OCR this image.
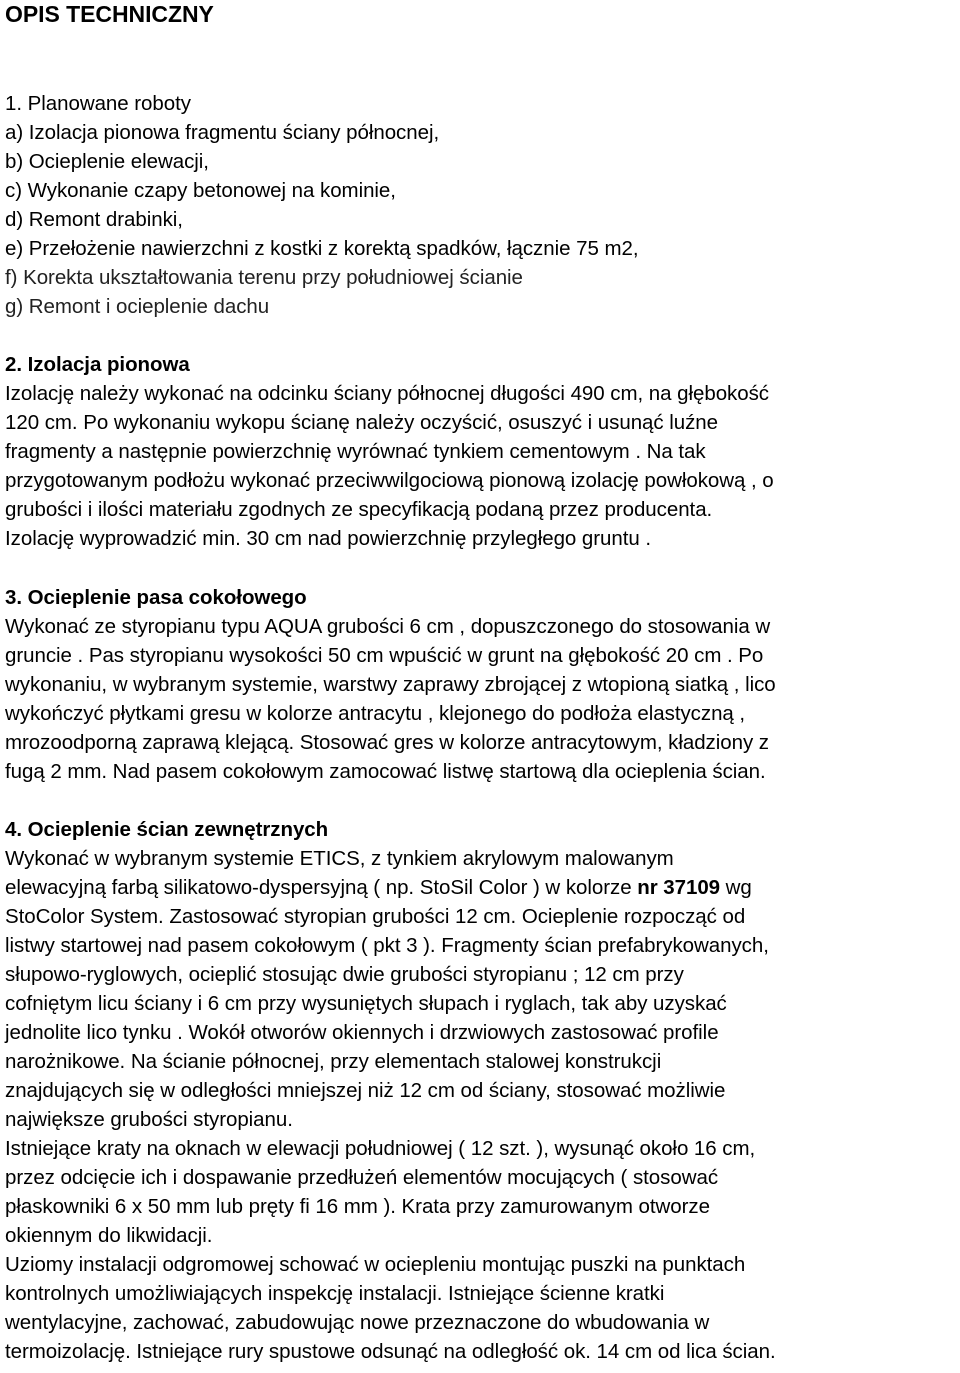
OPIS TECHNICZNY
1. Planowane roboty
a) Izolacja pionowa fragmentu ściany północnej,
b) Ocieplenie elewacji,
c) Wykonanie czapy betonowej na kominie,
d) Remont drabinki,
e) Przełożenie nawierzchni z kostki z korektą spadków, łącznie 75 m2,
f) Korekta ukształtowania terenu przy południowej ścianie
g) Remont i ocieplenie dachu
2. Izolacja pionowa
Izolację należy wykonać na odcinku ściany północnej długości 490 cm, na głębokość
120 cm. Po wykonaniu wykopu ścianę należy oczyścić, osuszyć i usunąć luźne
fragmenty a następnie powierzchnię wyrównać tynkiem cementowym . Na tak
przygotowanym podłożu wykonać przeciwwilgociową pionową izolację powłokową , o
grubości i ilości materiału zgodnych ze specyfikacją podaną przez producenta.
Izolację wyprowadzić min. 30 cm nad powierzchnię przyległego gruntu .
3. Ocieplenie pasa cokołowego
Wykonać ze styropianu typu AQUA grubości 6 cm , dopuszczonego do stosowania w
gruncie . Pas styropianu wysokości 50 cm wpuścić w grunt na głębokość 20 cm . Po
wykonaniu, w wybranym systemie, warstwy zaprawy zbrojącej z wtopioną siatką , lico
wykończyć płytkami gresu w kolorze antracytu , klejonego do podłoża elastyczną ,
mrozoodporną zaprawą klejącą. Stosować gres w kolorze antracytowym, kładziony z
fugą 2 mm. Nad pasem cokołowym zamocować listwę startową dla ocieplenia ścian.
4. Ocieplenie ścian zewnętrznych
Wykonać w wybranym systemie ETICS, z tynkiem akrylowym malowanym
elewacyjną farbą silikatowo-dyspersyjną ( np. StoSil Color ) w kolorze nr 37109 wg
StoColor System. Zastosować styropian grubości 12 cm. Ocieplenie rozpocząć od
listwy startowej nad pasem cokołowym ( pkt 3 ). Fragmenty ścian prefabrykowanych,
słupowo-ryglowych, ocieplić stosując dwie grubości styropianu ; 12 cm przy
cofniętym licu ściany i 6 cm przy wysuniętych słupach i ryglach, tak aby uzyskać
jednolite lico tynku . Wokół otworów okiennych i drzwiowych zastosować profile
narożnikowe. Na ścianie północnej, przy elementach stalowej konstrukcji
znajdujących się w odległości mniejszej niż 12 cm od ściany, stosować możliwie
największe grubości styropianu.
Istniejące kraty na oknach w elewacji południowej ( 12 szt. ), wysunąć około 16 cm,
przez odcięcie ich i dospawanie przedłużeń elementów mocujących ( stosować
płaskowniki 6 x 50 mm lub pręty fi 16 mm ). Krata przy zamurowanym otworze
okiennym do likwidacji.
Uziomy instalacji odgromowej schować w ociepleniu montując puszki na punktach
kontrolnych umożliwiających inspekcję instalacji. Istniejące ścienne kratki
wentylacyjne, zachować, zabudowując nowe przeznaczone do wbudowania w
termoizolację. Istniejące rury spustowe odsunąć na odległość ok. 14 cm od lica ścian.
